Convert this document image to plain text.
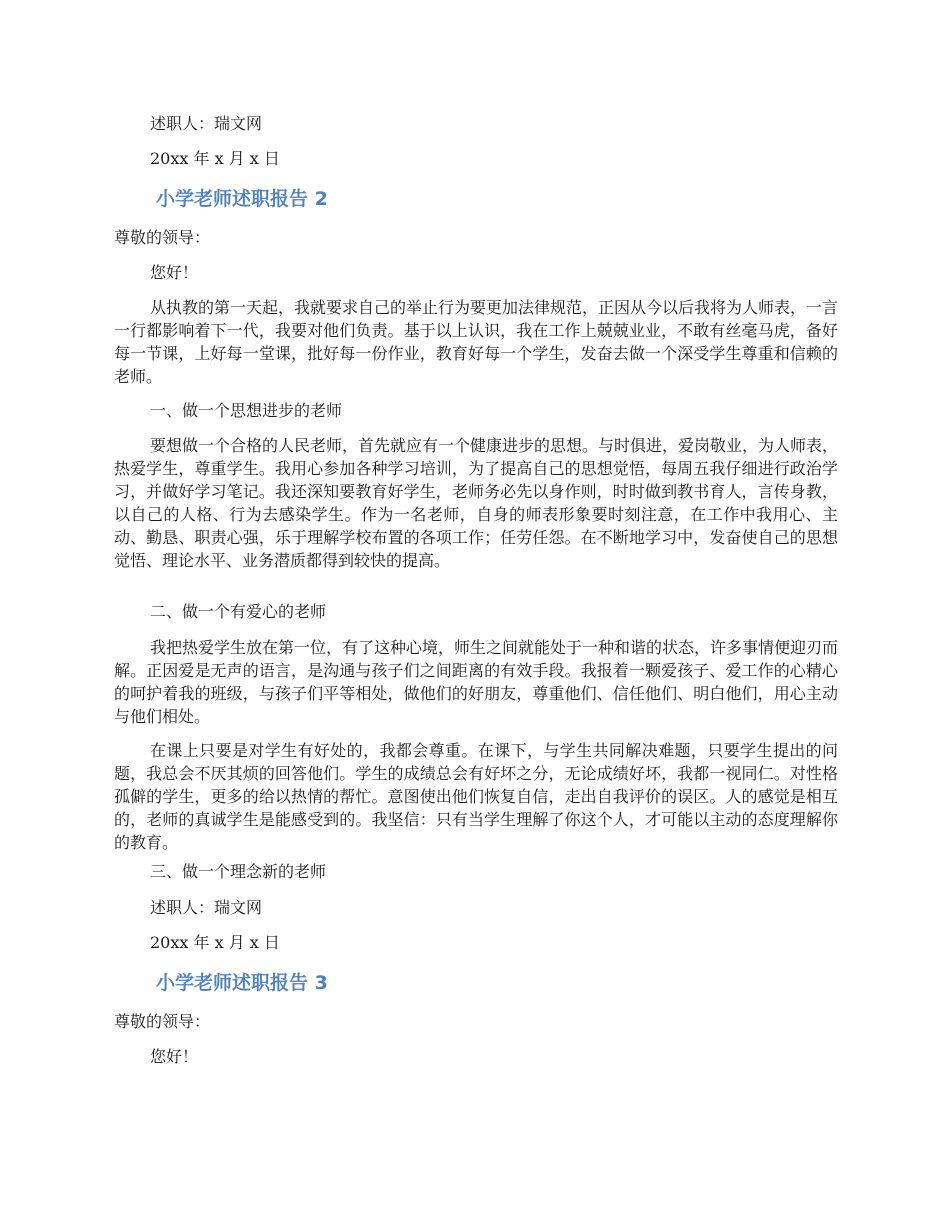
述职人：瑞文网
20xx 年 x 月 x 日
小学老师述职报告 2
尊敬的领导：
您好！
从执教的第一天起，我就要求自己的举止行为要更加法律规范，正因从今以后我将为人师表，一言一行都影响着下一代，我要对他们负责。基于以上认识，我在工作上兢兢业业，不敢有丝毫马虎，备好每一节课，上好每一堂课，批好每一份作业，教育好每一个学生，发奋去做一个深受学生尊重和信赖的老师。
一、做一个思想进步的老师
要想做一个合格的人民老师，首先就应有一个健康进步的思想。与时俱进，爱岗敬业，为人师表，热爱学生，尊重学生。我用心参加各种学习培训，为了提高自己的思想觉悟，每周五我仔细进行政治学习，并做好学习笔记。我还深知要教育好学生，老师务必先以身作则，时时做到教书育人，言传身教，以自己的人格、行为去感染学生。作为一名老师，自身的师表形象要时刻注意，在工作中我用心、主动、勤恳、职责心强，乐于理解学校布置的各项工作；任劳任怨。在不断地学习中，发奋使自己的思想觉悟、理论水平、业务潜质都得到较快的提高。
二、做一个有爱心的老师
我把热爱学生放在第一位，有了这种心境，师生之间就能处于一种和谐的状态，许多事情便迎刃而解。正因爱是无声的语言，是沟通与孩子们之间距离的有效手段。我报着一颗爱孩子、爱工作的心精心的呵护着我的班级，与孩子们平等相处，做他们的好朋友，尊重他们、信任他们、明白他们，用心主动与他们相处。
在课上只要是对学生有好处的，我都会尊重。在课下，与学生共同解决难题，只要学生提出的问题，我总会不厌其烦的回答他们。学生的成绩总会有好坏之分，无论成绩好坏，我都一视同仁。对性格孤僻的学生，更多的给以热情的帮忙。意图使出他们恢复自信，走出自我评价的误区。人的感觉是相互的，老师的真诚学生是能感受到的。我坚信：只有当学生理解了你这个人，才可能以主动的态度理解你的教育。
三、做一个理念新的老师
述职人：瑞文网
20xx 年 x 月 x 日
小学老师述职报告 3
尊敬的领导：
您好！
